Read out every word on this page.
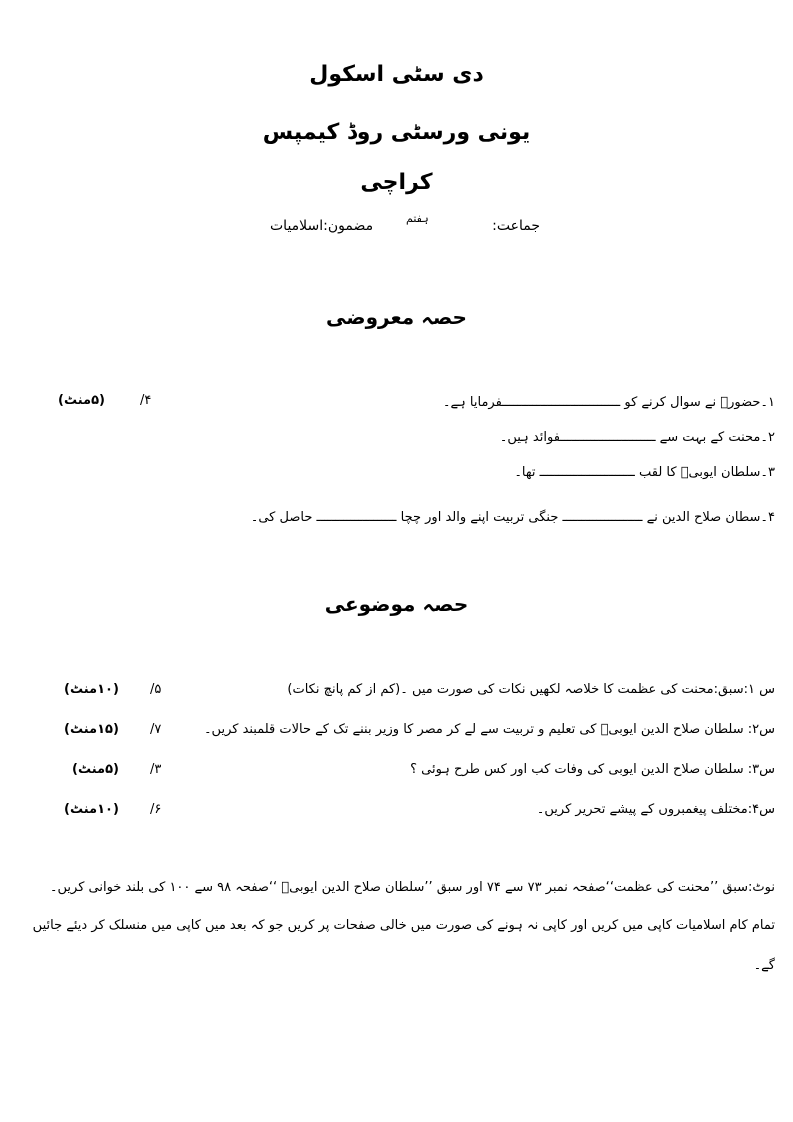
دی سٹی اسکول
یونی ورسٹی روڈ کیمپس
کراچی
مضمون:اسلامیات	ہفتم	جماعت:
حصہ معروضی
۱۔حضورؐ نے سوال کرنے کو ـــــــــــــــــــــــــــــــفرمایا ہے۔
۴/
(۵منٹ)
۲۔محنت کے بہت سے ـــــــــــــــــــــــــفوائد ہیں۔
۳۔سلطان ایوبیؒ کا لقب ـــــــــــــــــــــــــ تھا۔
۴۔سطان صلاح الدین نے ـــــــــــــــــــــ جنگی تربیت اپنے والد اور چچا ـــــــــــــــــــــ حاصل کی۔
حصہ موضوعی
س ۱:سبق:محنت کی عظمت کا خلاصہ لکھیں نکات کی صورت میں ۔(کم از کم پانچ نکات)
۵/
(۱۰منٹ)
س۲: سلطان صلاح الدین ایوبیؒ کی تعلیم و تربیت سے لے کر مصر کا وزیر بننے تک کے حالات قلمبند کریں۔
۷/
(۱۵منٹ)
س۳: سلطان صلاح الدین ایوبی کی وفات کب اور کس طرح ہوئی ؟
۳/
(۵منٹ)
س۴:مختلف پیغمبروں کے پیشے تحریر کریں۔
۶/
(۱۰منٹ)
نوٹ:سبق ’’محنت کی عظمت‘‘صفحہ نمبر ۷۳ سے ۷۴ اور سبق ’’سلطان صلاح الدین ایوبیؒ ‘‘صفحہ ۹۸ سے ۱۰۰ کی بلند خوانی کریں۔
تمام کام اسلامیات کاپی میں کریں اور کاپی نہ ہونے کی صورت میں خالی صفحات پر کریں جو کہ بعد میں کاپی میں منسلک کر دیئے جائیں
گے۔
